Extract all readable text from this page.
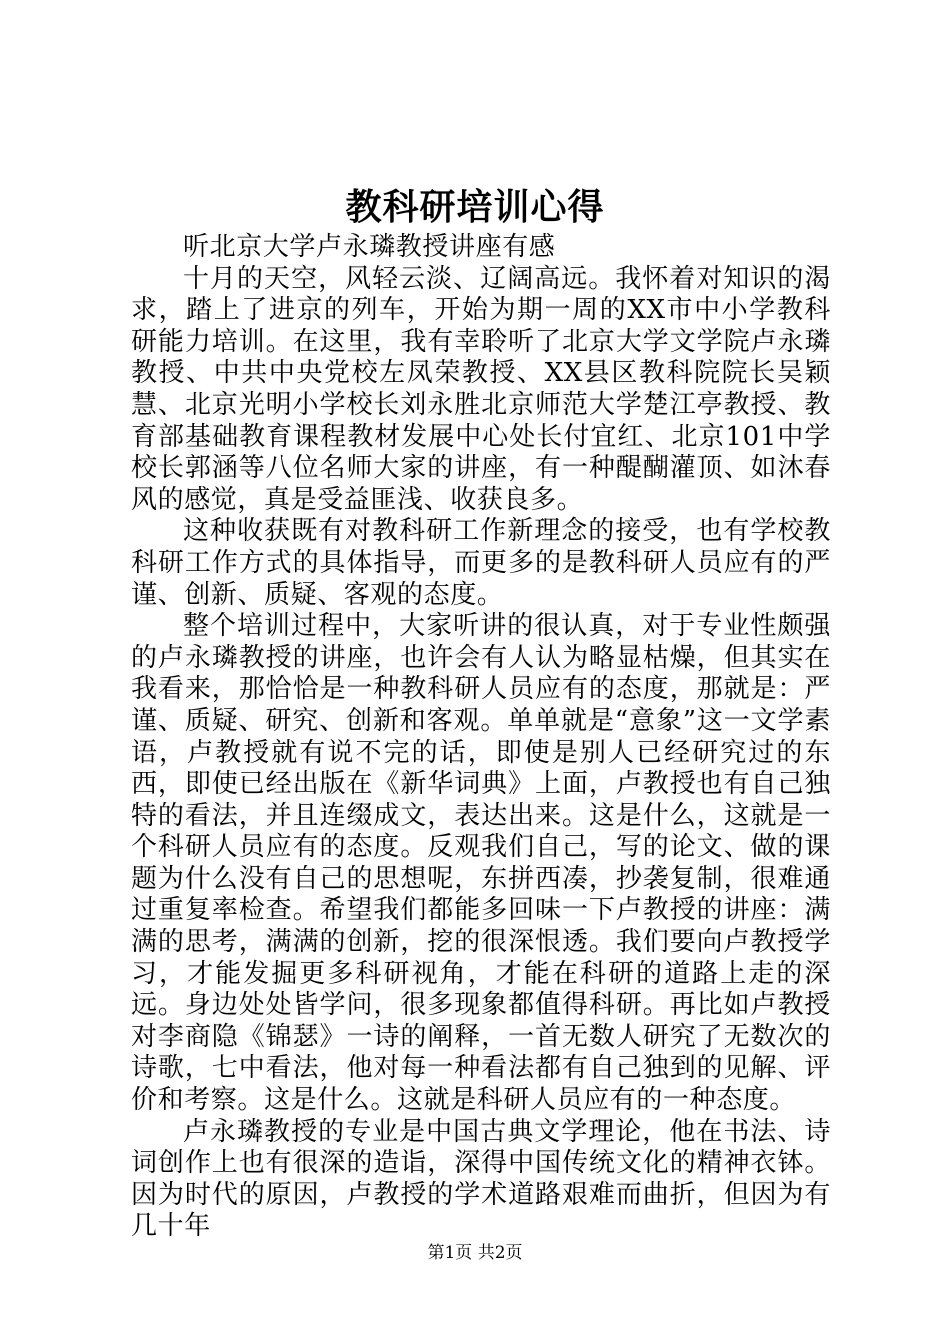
教科研培训心得

听北京大学卢永璘教授讲座有感

十月的天空，风轻云淡、辽阔高远。我怀着对知识的渴求，踏上了进京的列车，开始为期一周的XX市中小学教科研能力培训。在这里，我有幸聆听了北京大学文学院卢永璘教授、中共中央党校左凤荣教授、XX县区教科院院长吴颖慧、北京光明小学校长刘永胜北京师范大学楚江亭教授、教育部基础教育课程教材发展中心处长付宜红、北京101中学校长郭涵等八位名师大家的讲座，有一种醍醐灌顶、如沐春风的感觉，真是受益匪浅、收获良多。

这种收获既有对教科研工作新理念的接受，也有学校教科研工作方式的具体指导，而更多的是教科研人员应有的严谨、创新、质疑、客观的态度。

整个培训过程中，大家听讲的很认真，对于专业性颇强的卢永璘教授的讲座，也许会有人认为略显枯燥，但其实在我看来，那恰恰是一种教科研人员应有的态度，那就是：严谨、质疑、研究、创新和客观。单单就是“意象”这一文学素语，卢教授就有说不完的话，即使是别人已经研究过的东西，即使已经出版在《新华词典》上面，卢教授也有自己独特的看法，并且连缀成文，表达出来。这是什么，这就是一个科研人员应有的态度。反观我们自己，写的论文、做的课题为什么没有自己的思想呢，东拼西凑，抄袭复制，很难通过重复率检查。希望我们都能多回味一下卢教授的讲座：满满的思考，满满的创新，挖的很深恨透。我们要向卢教授学习，才能发掘更多科研视角，才能在科研的道路上走的深远。身边处处皆学问，很多现象都值得科研。再比如卢教授对李商隐《锦瑟》一诗的阐释，一首无数人研究了无数次的诗歌，七中看法，他对每一种看法都有自己独到的见解、评价和考察。这是什么。这就是科研人员应有的一种态度。

卢永璘教授的专业是中国古典文学理论，他在书法、诗词创作上也有很深的造诣，深得中国传统文化的精神衣钵。因为时代的原因，卢教授的学术道路艰难而曲折，但因为有几十年

第1页 共2页
